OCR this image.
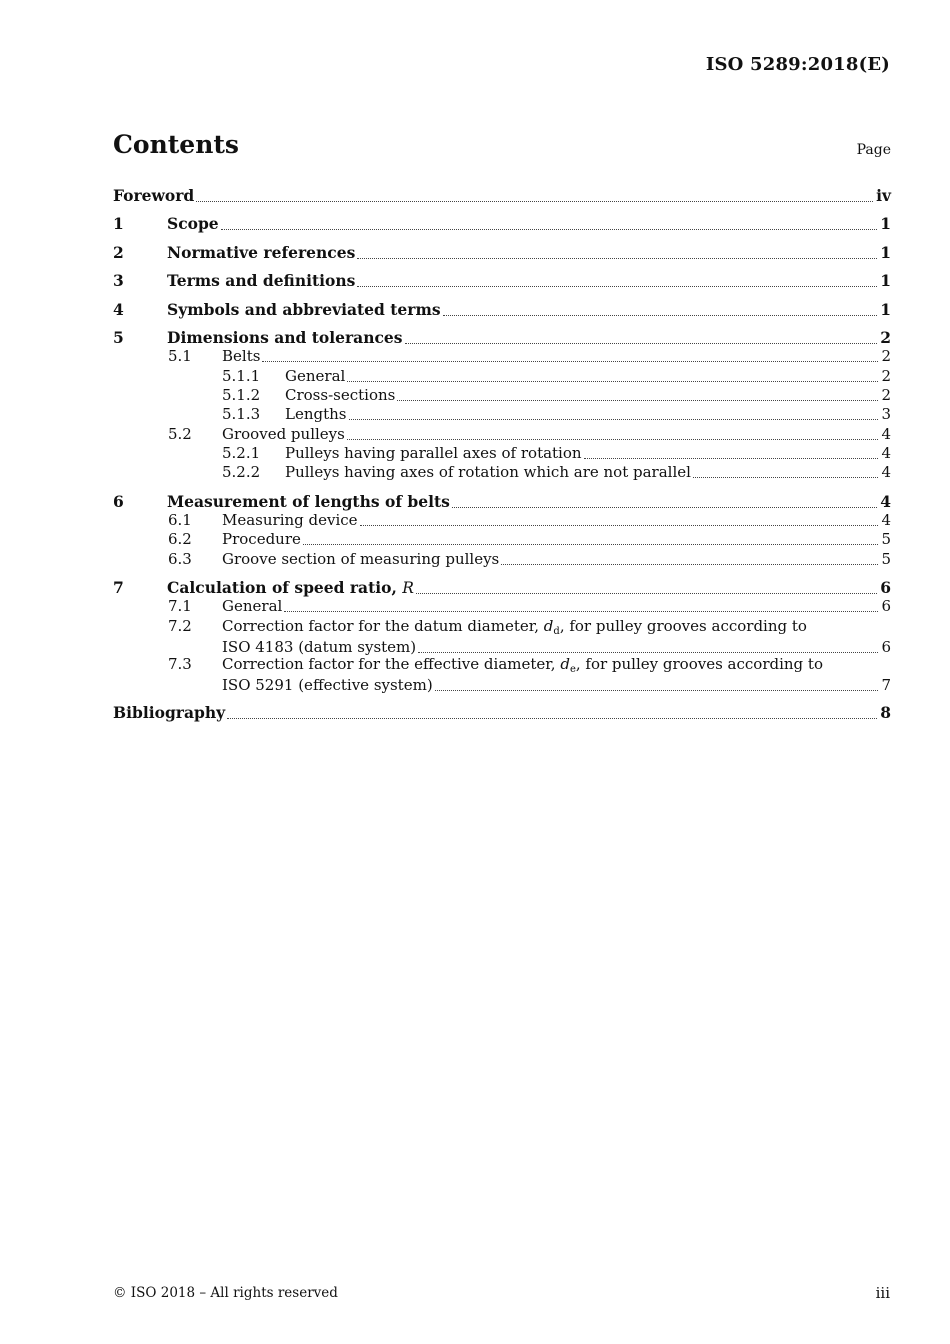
ISO 5289:2018(E)
Contents	Page
Foreword	iv
1	Scope	1
2	Normative references	1
3	Terms and definitions	1
4	Symbols and abbreviated terms	1
5	Dimensions and tolerances	2
5.1 Belts	2
5.1.1 General	2
5.1.2 Cross-sections	2
5.1.3 Lengths	3
5.2 Grooved pulleys	4
5.2.1 Pulleys having parallel axes of rotation	4
5.2.2 Pulleys having axes of rotation which are not parallel	4
6	Measurement of lengths of belts	4
6.1 Measuring device	4
6.2 Procedure	5
6.3 Groove section of measuring pulleys	5
7	Calculation of speed ratio, R	6
7.1 General	6
7.2 Correction factor for the datum diameter, $d_d$, for pulley grooves according to
ISO 4183 (datum system)	6
7.3 Correction factor for the effective diameter, $d_e$, for pulley grooves according to
ISO 5291 (effective system)	7
Bibliography	8
© ISO 2018 – All rights reserved	iii
